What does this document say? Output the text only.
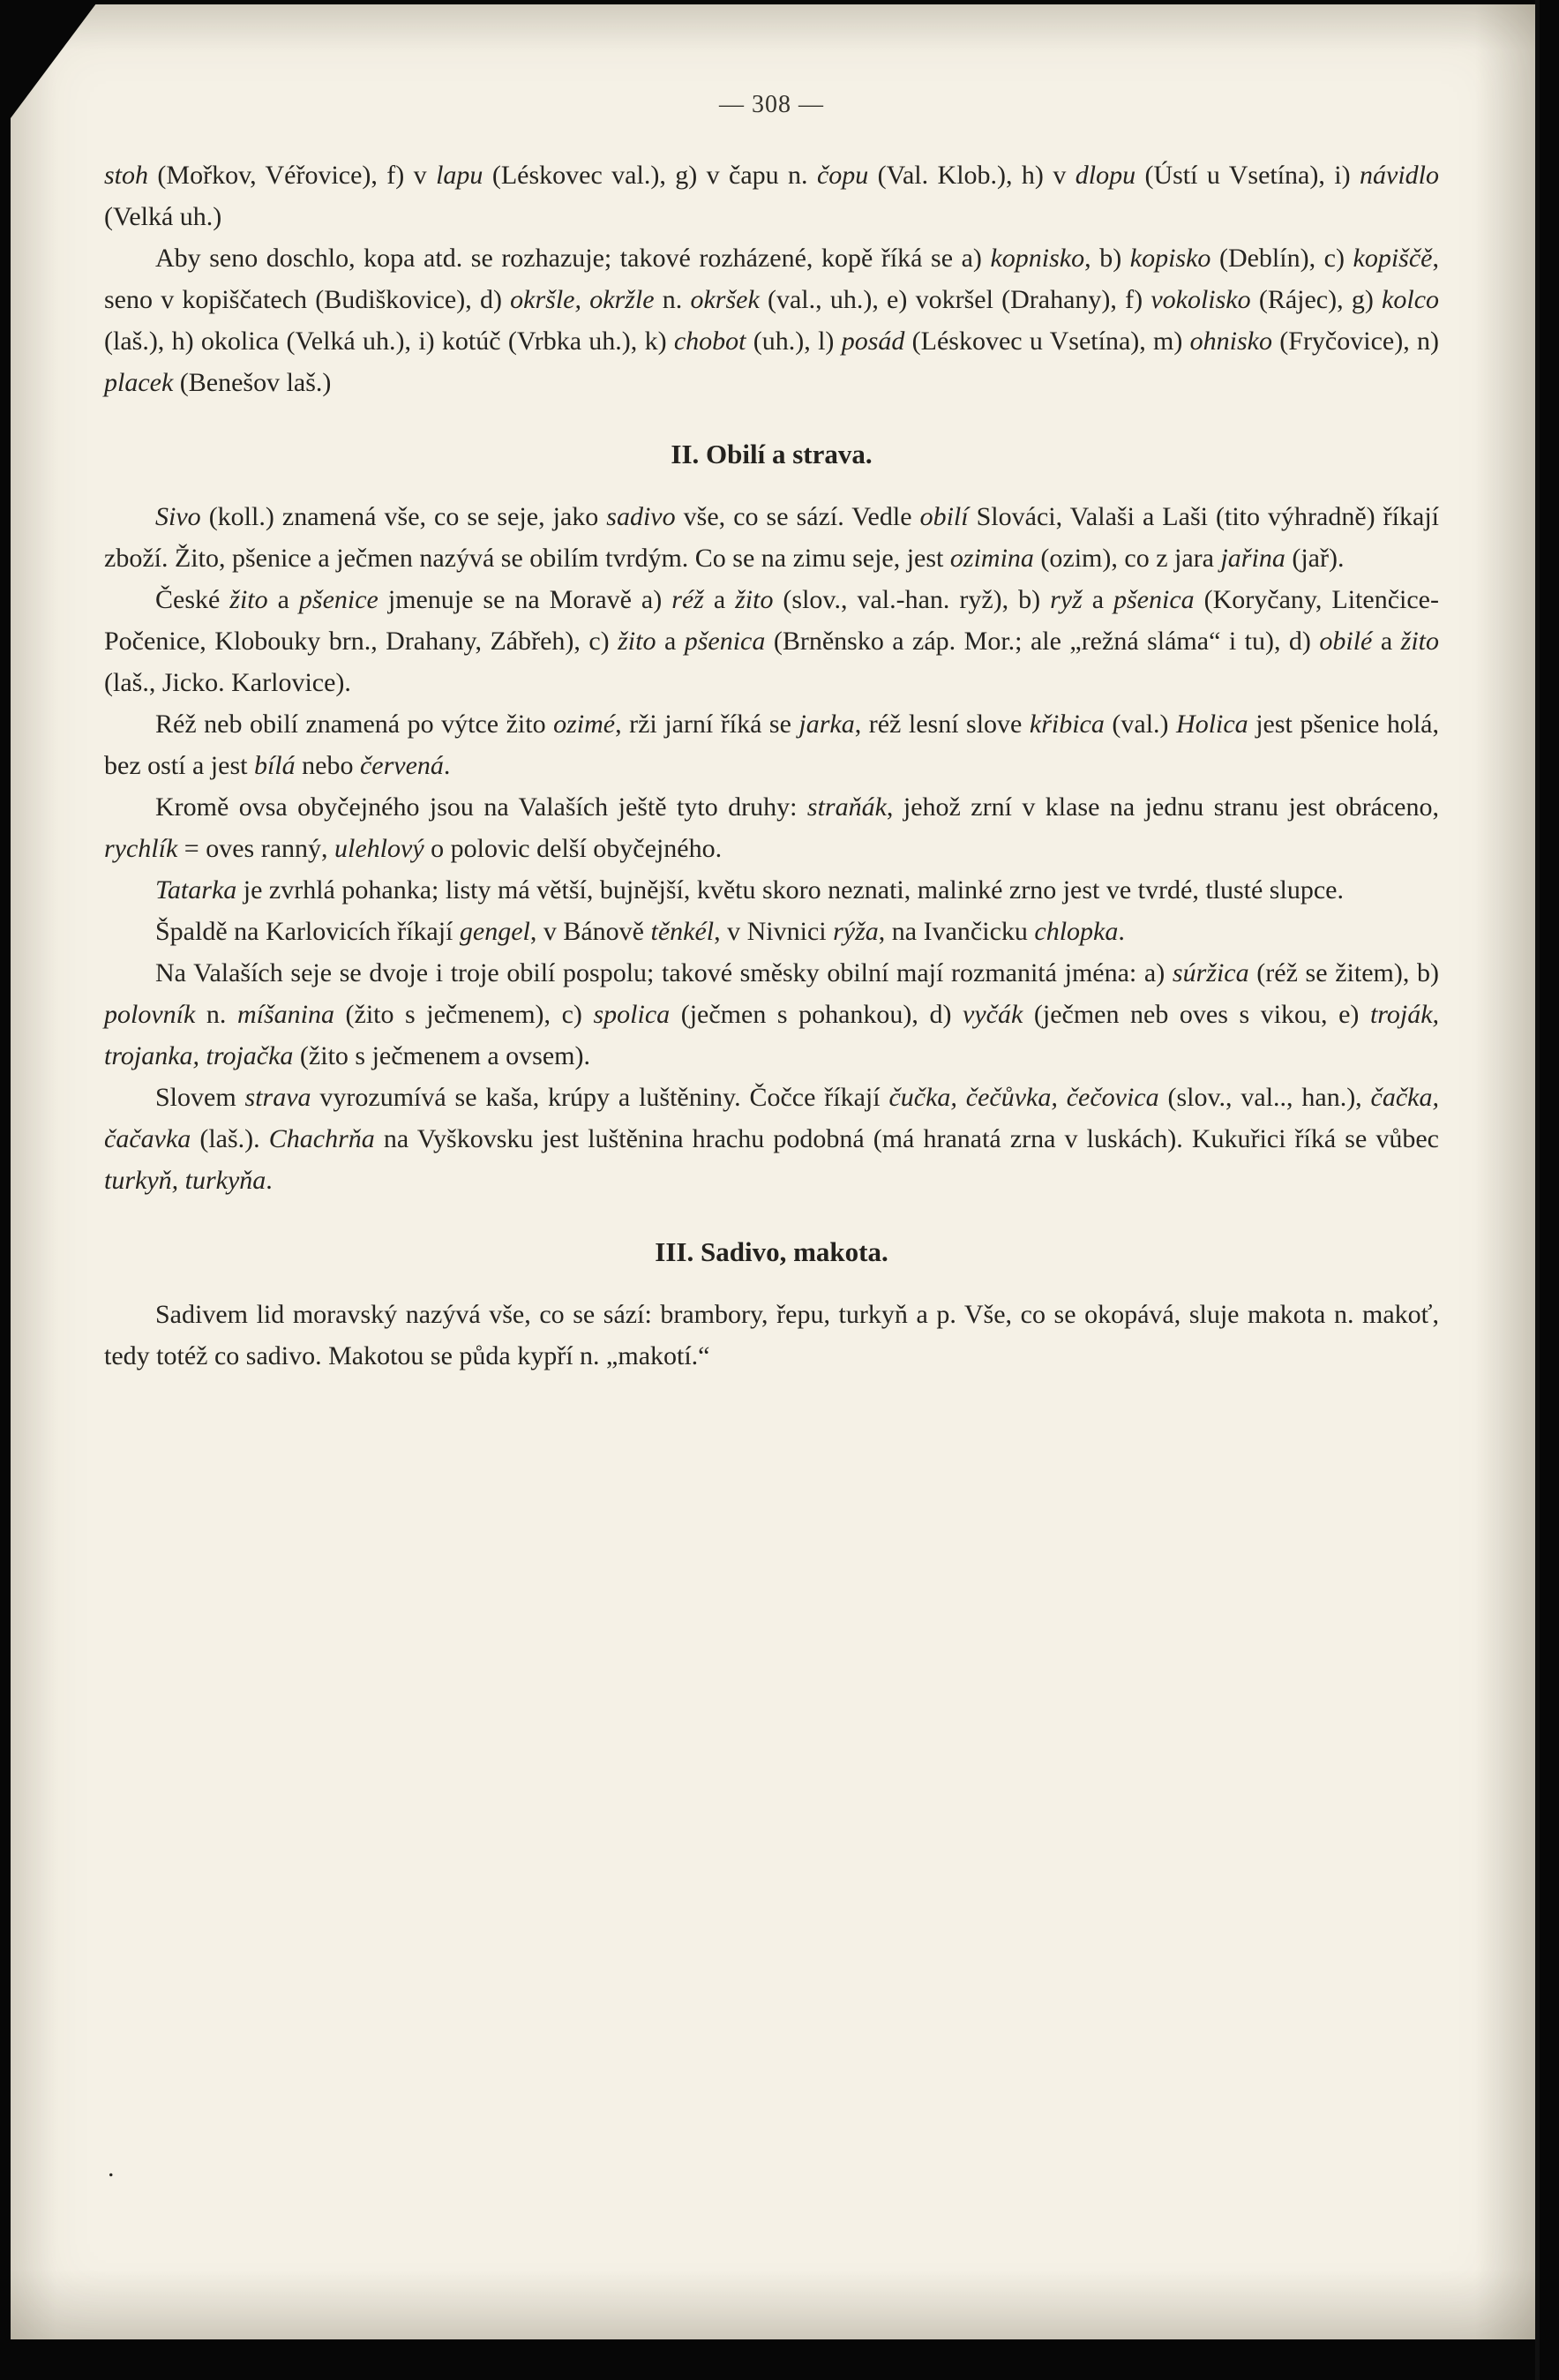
— 308 —

stoh (Mořkov, Véřovice), f) v lapu (Léskovec val.), g) v čapu n. čopu (Val. Klob.), h) v dlopu (Ústí u Vsetína), i) návidlo (Velká uh.)

Aby seno doschlo, kopa atd. se rozhazuje; takové rozházené, kopě říká se a) kopnisko, b) kopisko (Deblín), c) kopiščě, seno v kopiščatech (Budiškovice), d) okršle, okržle n. okršek (val., uh.), e) vokršel (Drahany), f) vokolisko (Rájec), g) kolco (laš.), h) okolica (Velká uh.), i) kotúč (Vrbka uh.), k) chobot (uh.), l) posád (Léskovec u Vsetína), m) ohnisko (Fryčovice), n) placek (Benešov laš.)

II. Obilí a strava.

Sivo (koll.) znamená vše, co se seje, jako sadivo vše, co se sází. Vedle obilí Slováci, Valaši a Laši (tito výhradně) říkají zboží. Žito, pšenice a ječmen nazývá se obilím tvrdým. Co se na zimu seje, jest ozimina (ozim), co z jara jařina (jař).

České žito a pšenice jmenuje se na Moravě a) réž a žito (slov., val.-han. ryž), b) ryž a pšenica (Koryčany, Litenčice-Počenice, Klobouky brn., Drahany, Zábřeh), c) žito a pšenica (Brněnsko a záp. Mor.; ale „režná sláma“ i tu), d) obilé a žito (laš., Jicko. Karlovice).

Réž neb obilí znamená po výtce žito ozimé, rži jarní říká se jarka, réž lesní slove křibica (val.) Holica jest pšenice holá, bez ostí a jest bílá nebo červená.

Kromě ovsa obyčejného jsou na Valaších ještě tyto druhy: straňák, jehož zrní v klase na jednu stranu jest obráceno, rychlík = oves ranný, ulehlový o polovic delší obyčejného.

Tatarka je zvrhlá pohanka; listy má větší, bujnější, květu skoro neznati, malinké zrno jest ve tvrdé, tlusté slupce.

Špaldě na Karlovicích říkají gengel, v Bánově těnkél, v Nivnici rýža, na Ivančicku chlopka.

Na Valaších seje se dvoje i troje obilí pospolu; takové směsky obilní mají rozmanitá jména: a) súržica (réž se žitem), b) polovník n. míšanina (žito s ječmenem), c) spolica (ječmen s pohankou), d) vyčák (ječmen neb oves s vikou, e) troják, trojanka, trojačka (žito s ječmenem a ovsem).

Slovem strava vyrozumívá se kaša, krúpy a luštěniny. Čočce říkají čučka, čečůvka, čečovica (slov., val.., han.), čačka, čačavka (laš.). Chachrňa na Vyškovsku jest luštěnina hrachu podobná (má hranatá zrna v luskách). Kukuřici říká se vůbec turkyň, turkyňa.

III. Sadivo, makota.

Sadivem lid moravský nazývá vše, co se sází: brambory, řepu, turkyň a p. Vše, co se okopává, sluje makota n. makoť, tedy totéž co sadivo. Makotou se půda kypří n. „makotí.“

.
